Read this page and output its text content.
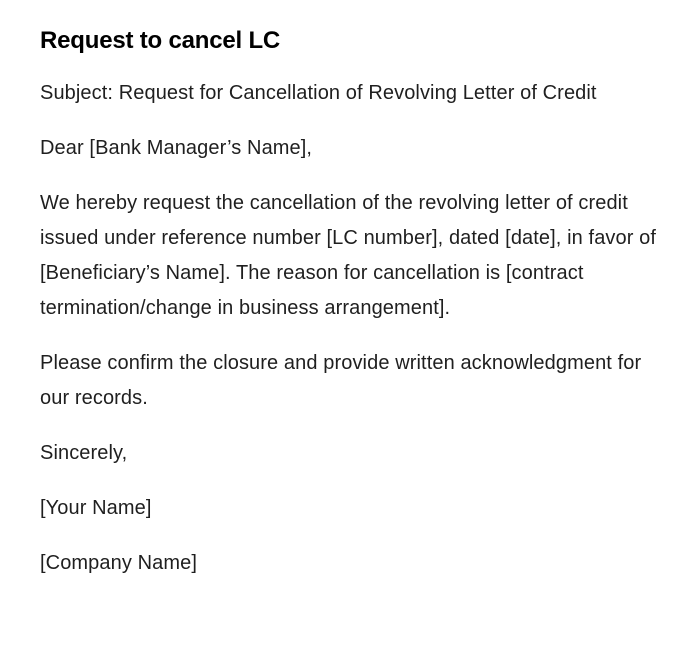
Request to cancel LC

Subject: Request for Cancellation of Revolving Letter of Credit

Dear [Bank Manager’s Name],

We hereby request the cancellation of the revolving letter of credit issued under reference number [LC number], dated [date], in favor of [Beneficiary’s Name]. The reason for cancellation is [contract termination/change in business arrangement].

Please confirm the closure and provide written acknowledgment for our records.

Sincerely,

[Your Name]

[Company Name]
